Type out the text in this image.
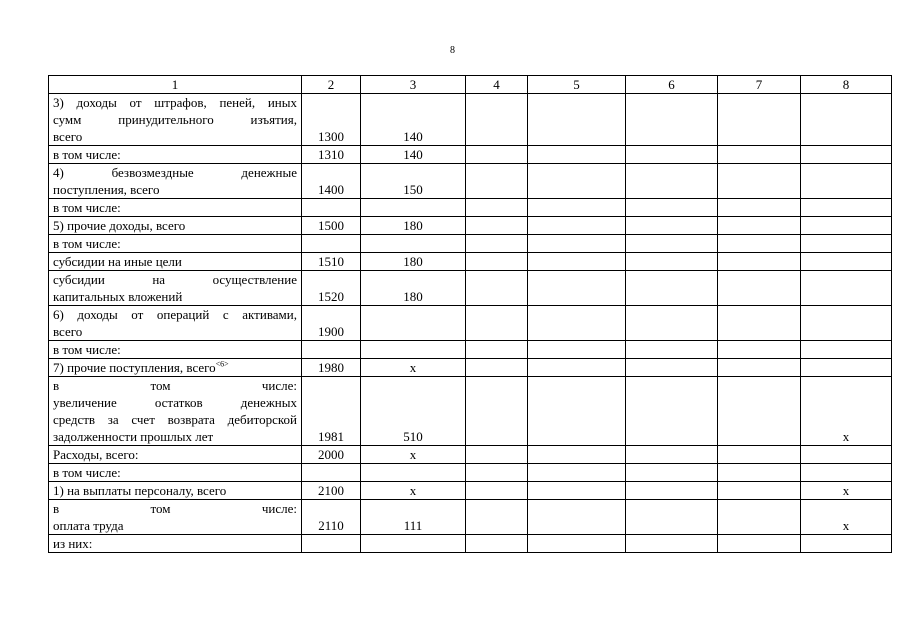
8
1	2	3	4	5	6	7	8

3) доходы от штрафов, пеней, иных
сумм принудительного изъятия,
всего	1300	140					

в том числе:	1310	140					

4) безвозмездные денежные
поступления, всего	1400	150					

в том числе:							

5) прочие доходы, всего	1500	180					

в том числе:							

субсидии на иные цели	1510	180					

субсидии на осуществление
капитальных вложений	1520	180					

6) доходы от операций с активами,
всего	1900						

в том числе:							

7) прочие поступления, всего$^{<6>}$	1980	x					

в том числе:
увеличение остатков денежных
средств за счет возврата дебиторской
задолженности прошлых лет	1981	510					x

Расходы, всего:	2000	x					

в том числе:							

1) на выплаты персоналу, всего	2100	x					x

в том числе:
оплата труда	2110	111					x

из них:							
